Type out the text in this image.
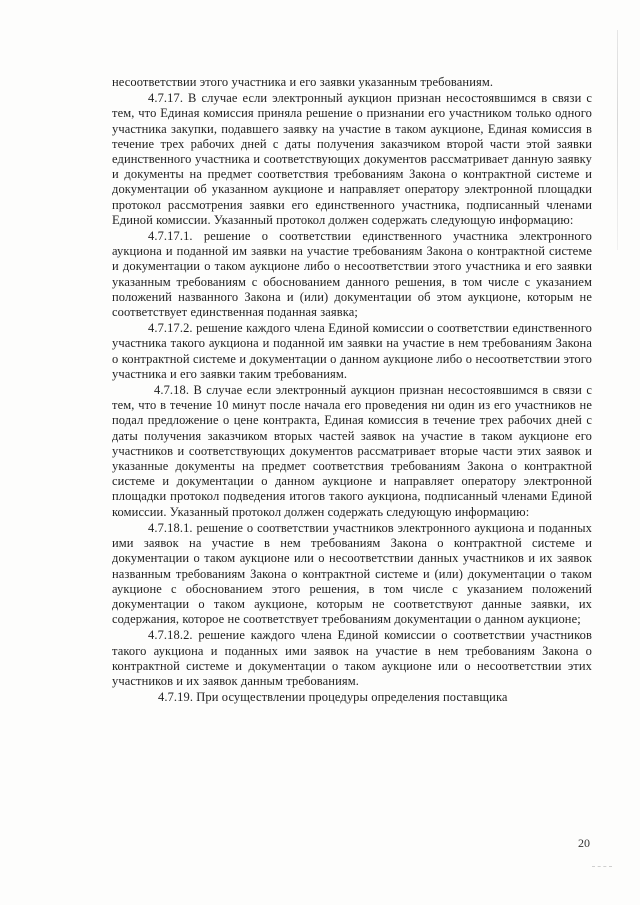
несоответствии этого участника и его заявки указанным требованиям.

4.7.17. В случае если электронный аукцион признан несостоявшимся в связи с тем, что Единая комиссия приняла решение о признании его участником только одного участника закупки, подавшего заявку на участие в таком аукционе, Единая комиссия в течение трех рабочих дней с даты получения заказчиком второй части этой заявки единственного участника и соответствующих документов рассматривает данную заявку и документы на предмет соответствия требованиям Закона о контрактной системе и документации об указанном аукционе и направляет оператору электронной площадки протокол рассмотрения заявки его единственного участника, подписанный членами Единой комиссии. Указанный протокол должен содержать следующую информацию:

4.7.17.1. решение о соответствии единственного участника электронного аукциона и поданной им заявки на участие требованиям Закона о контрактной системе и документации о таком аукционе либо о несоответствии этого участника и его заявки указанным требованиям с обоснованием данного решения, в том числе с указанием положений названного Закона и (или) документации об этом аукционе, которым не соответствует единственная поданная заявка;

4.7.17.2. решение каждого члена Единой комиссии о соответствии единственного участника такого аукциона и поданной им заявки на участие в нем требованиям Закона о контрактной системе и документации о данном аукционе либо о несоответствии этого участника и его заявки таким требованиям.

4.7.18. В случае если электронный аукцион признан несостоявшимся в связи с тем, что в течение 10 минут после начала его проведения ни один из его участников не подал предложение о цене контракта, Единая комиссия в течение трех рабочих дней с даты получения заказчиком вторых частей заявок на участие в таком аукционе его участников и соответствующих документов рассматривает вторые части этих заявок и указанные документы на предмет соответствия требованиям Закона о контрактной системе и документации о данном аукционе и направляет оператору электронной площадки протокол подведения итогов такого аукциона, подписанный членами Единой комиссии. Указанный протокол должен содержать следующую информацию:

4.7.18.1. решение о соответствии участников электронного аукциона и поданных ими заявок на участие в нем требованиям Закона о контрактной системе и документации о таком аукционе или о несоответствии данных участников и их заявок названным требованиям Закона о контрактной системе и (или) документации о таком аукционе с обоснованием этого решения, в том числе с указанием положений документации о таком аукционе, которым не соответствуют данные заявки, их содержания, которое не соответствует требованиям документации о данном аукционе;

4.7.18.2. решение каждого члена Единой комиссии о соответствии участников такого аукциона и поданных ими заявок на участие в нем требованиям Закона о контрактной системе и документации о таком аукционе или о несоответствии этих участников и их заявок данным требованиям.

4.7.19. При осуществлении процедуры определения поставщика

20
